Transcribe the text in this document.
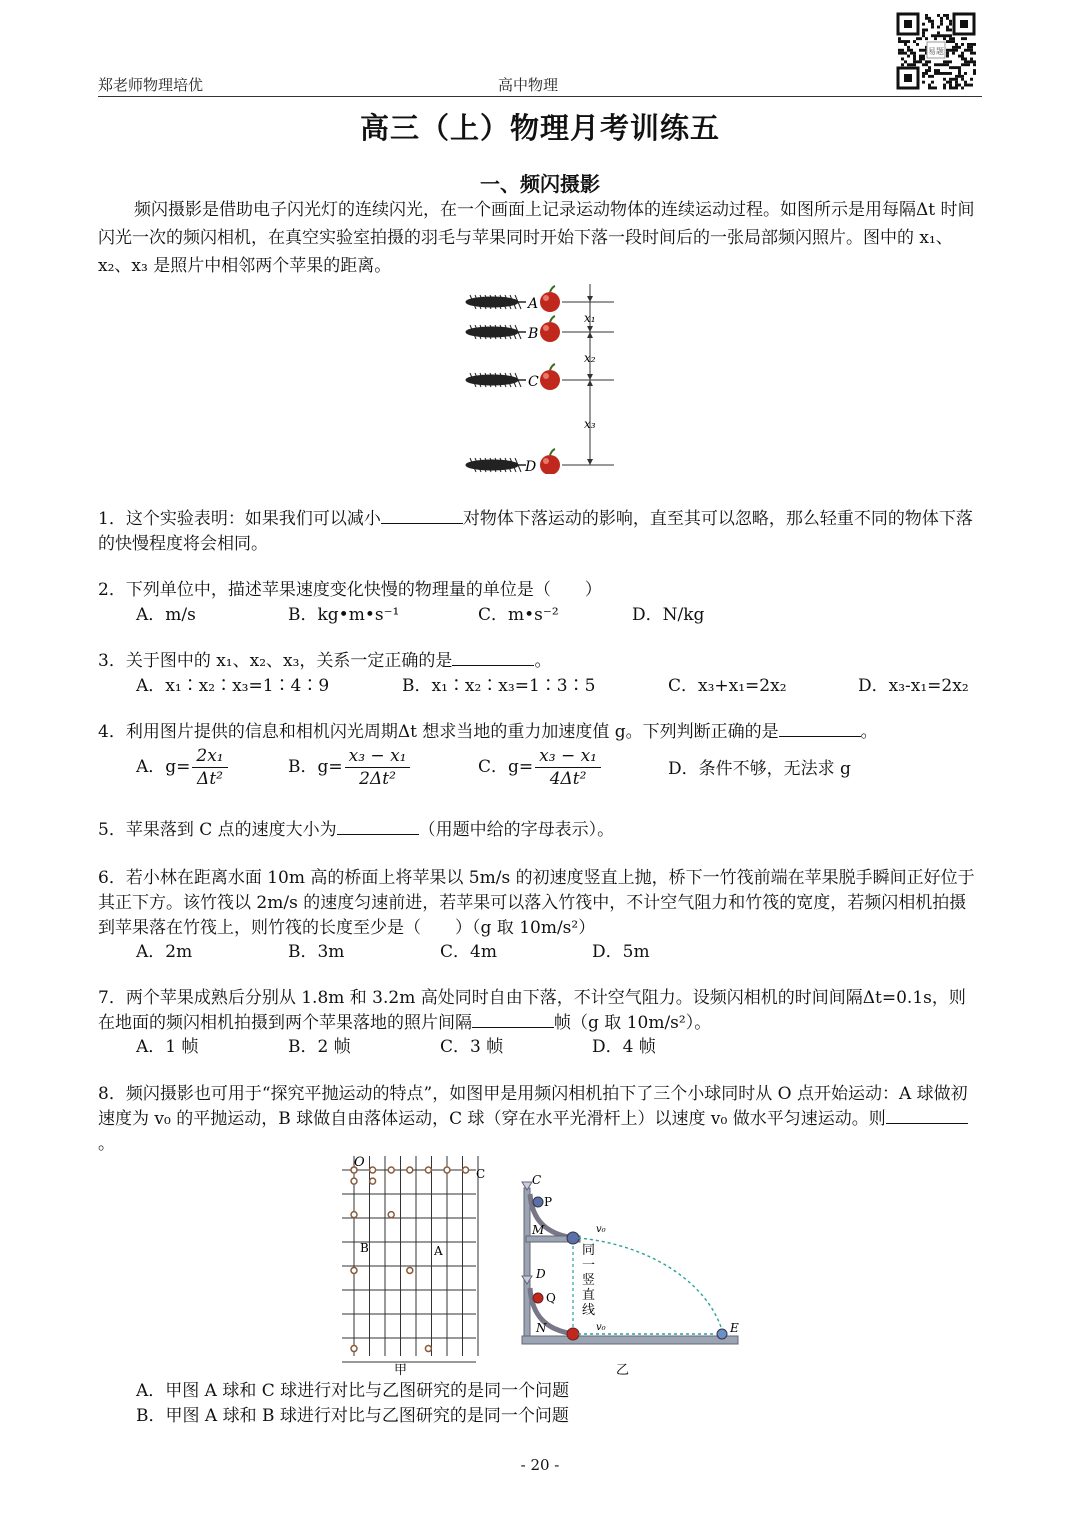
郑老师物理培优	高中物理
易题
高三（上）物理月考训练五
一、频闪摄影
频闪摄影是借助电子闪光灯的连续闪光，在一个画面上记录运动物体的连续运动过程。如图所示是用每隔Δt 时间闪光一次的频闪相机，在真空实验室拍摄的羽毛与苹果同时开始下落一段时间后的一张局部频闪照片。图中的 x₁、x₂、x₃ 是照片中相邻两个苹果的距离。
A
B
C
D
x₁
x₂
x₃
1．这个实验表明：如果我们可以减小	对物体下落运动的影响，直至其可以忽略，那么轻重不同的物体下落的快慢程度将会相同。
2．下列单位中，描述苹果速度变化快慢的物理量的单位是（　　）
A．m/s	B．kg•m•s⁻¹	C．m•s⁻²	D．N/kg
3．关于图中的 x₁、x₂、x₃，关系一定正确的是	。
A．x₁∶x₂∶x₃=1∶4∶9	B．x₁∶x₂∶x₃=1∶3∶5	C．x₃+x₁=2x₂	D．x₃-x₁=2x₂
4．利用图片提供的信息和相机闪光周期Δt 想求当地的重力加速度值 g。下列判断正确的是	。
A．$g= \frac{\text{2x₁}}{\text{Δt²}}$	B．$g= \frac{\text{x₃ − x₁}}{\text{2Δt²}}$	C．$g= \frac{\text{x₃ − x₁}}{\text{4Δt²}}$	D．条件不够，无法求 g
5．苹果落到 C 点的速度大小为	（用题中给的字母表示）。
6．若小林在距离水面 10m 高的桥面上将苹果以 5m/s 的初速度竖直上抛，桥下一竹筏前端在苹果脱手瞬间正好位于其正下方。该竹筏以 2m/s 的速度匀速前进，若苹果可以落入竹筏中，不计空气阻力和竹筏的宽度，若频闪相机拍摄到苹果落在竹筏上，则竹筏的长度至少是（　　）（g 取 10m/s²）
A．2m	B．3m	C．4m	D．5m
7．两个苹果成熟后分别从 1.8m 和 3.2m 高处同时自由下落，不计空气阻力。设频闪相机的时间间隔Δt=0.1s，则在地面的频闪相机拍摄到两个苹果落地的照片间隔	帧（g 取 10m/s²）。
A．1 帧	B．2 帧	C．3 帧	D．4 帧
8．频闪摄影也可用于“探究平抛运动的特点”，如图甲是用频闪相机拍下了三个小球同时从 O 点开始运动：A 球做初速度为 v₀ 的平抛运动，B 球做自由落体运动，C 球（穿在水平光滑杆上）以速度 v₀ 做水平匀速运动。则。
O
C
B	A
甲
C
P
M
D
Q
N	E
v₀
v₀
同一竖直线
乙
A．甲图 A 球和 C 球进行对比与乙图研究的是同一个问题
B．甲图 A 球和 B 球进行对比与乙图研究的是同一个问题
- 20 -
